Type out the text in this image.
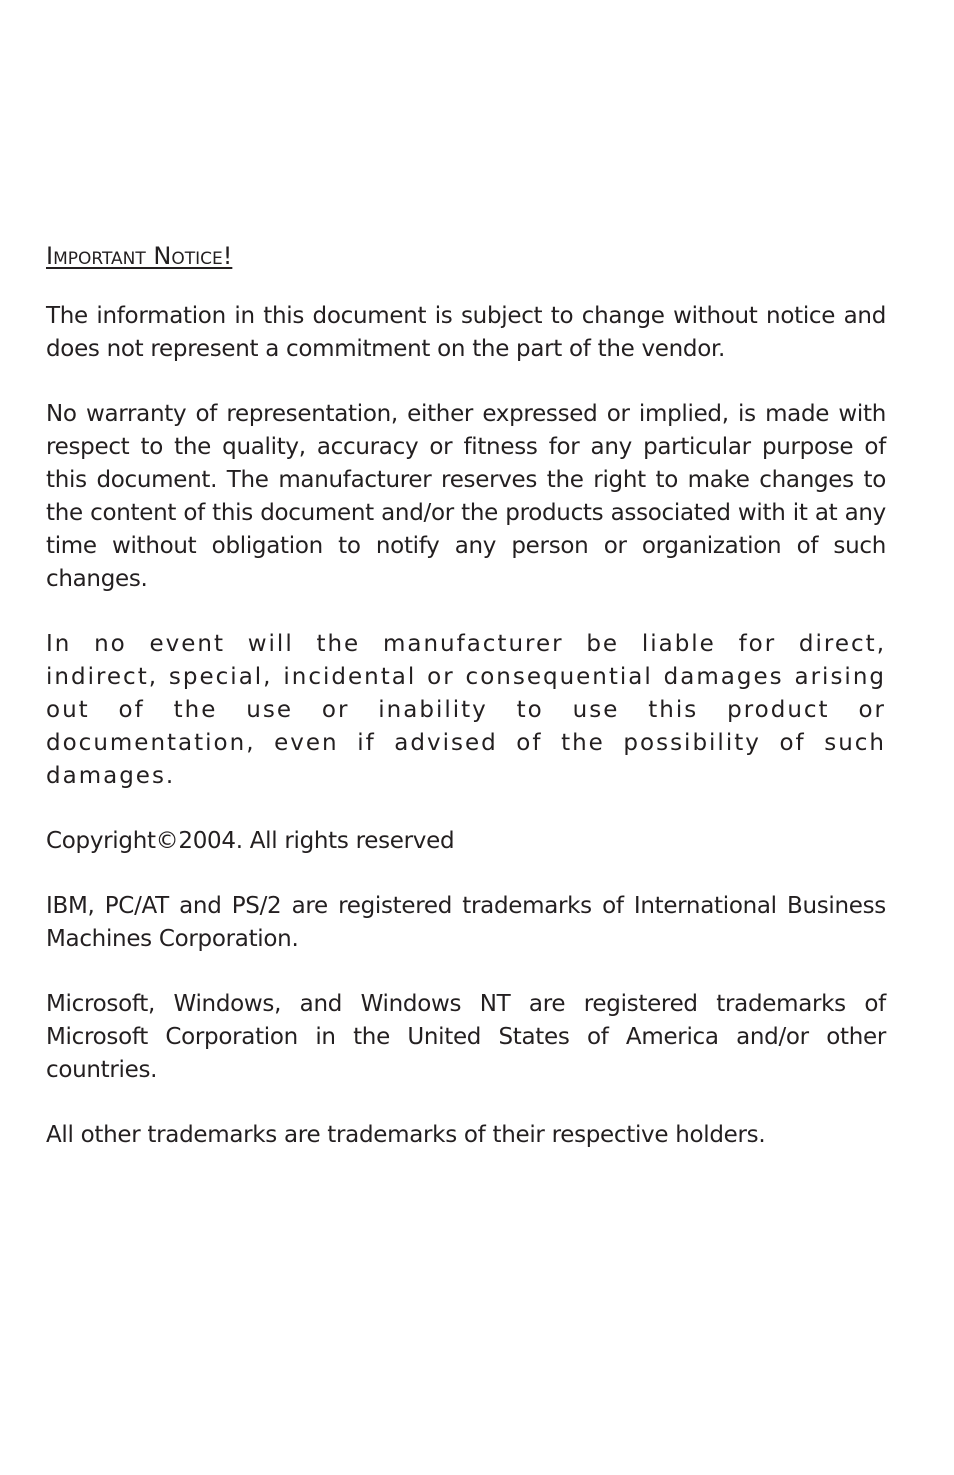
Important Notice!

The information in this document is subject to change without notice and does not represent a commitment on the part of the vendor.

No warranty of representation, either expressed or implied, is made with respect to the quality, accuracy or fitness for any particular purpose of this document. The manufacturer reserves the right to make changes to the content of this document and/or the products associated with it at any time without obligation to notify any person or organization of such changes.

In no event will the manufacturer be liable for direct, indirect, special, incidental or consequential damages arising out of the use or inability to use this product or documentation, even if advised of the possibility of such damages.

Copyright©2004. All rights reserved

IBM, PC/AT and PS/2 are registered trademarks of International Business Machines Corporation.

Microsoft, Windows, and Windows NT are registered trademarks of Microsoft Corporation in the United States of America and/or other countries.

All other trademarks are trademarks of their respective holders.
